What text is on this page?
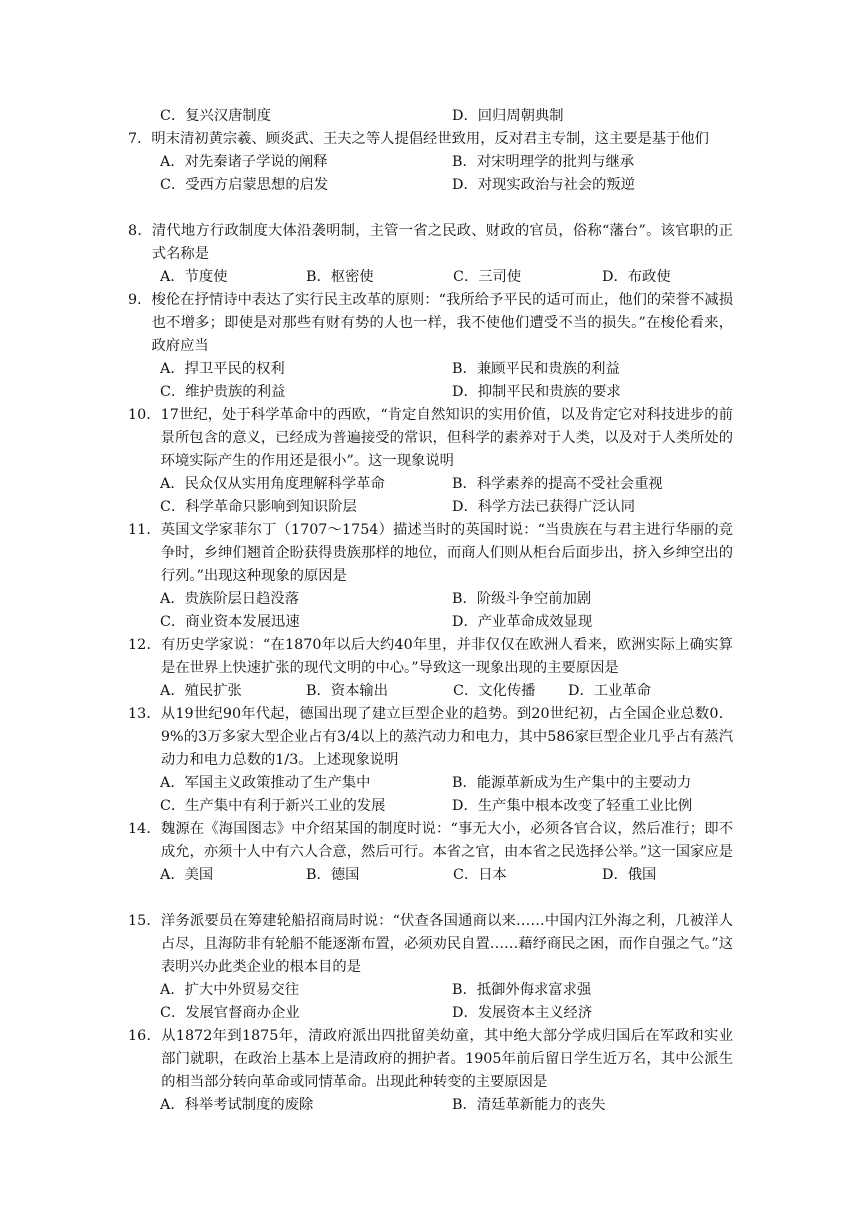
C．复兴汉唐制度	D．回归周朝典制
7．明末清初黄宗羲、顾炎武、王夫之等人提倡经世致用，反对君主专制，这主要是基于他们
A．对先秦诸子学说的阐释	B．对宋明理学的批判与继承
C．受西方启蒙思想的启发	D．对现实政治与社会的叛逆
8．清代地方行政制度大体沿袭明制，主管一省之民政、财政的官员，俗称“藩台”。该官职的正式名称是
A．节度使	B．枢密使	C．三司使	D．布政使
9．梭伦在抒情诗中表达了实行民主改革的原则：“我所给予平民的适可而止，他们的荣誉不减损也不增多；即使是对那些有财有势的人也一样，我不使他们遭受不当的损失。”在梭伦看来，政府应当
A．捍卫平民的权利	B．兼顾平民和贵族的利益
C．维护贵族的利益	D．抑制平民和贵族的要求
10．17世纪，处于科学革命中的西欧，“肯定自然知识的实用价值，以及肯定它对科技进步的前景所包含的意义，已经成为普遍接受的常识，但科学的素养对于人类，以及对于人类所处的环境实际产生的作用还是很小”。这一现象说明
A．民众仅从实用角度理解科学革命	B．科学素养的提高不受社会重视
C．科学革命只影响到知识阶层	D．科学方法已获得广泛认同
11．英国文学家菲尔丁（1707～1754）描述当时的英国时说：“当贵族在与君主进行华丽的竞争时，乡绅们翘首企盼获得贵族那样的地位，而商人们则从柜台后面步出，挤入乡绅空出的行列。”出现这种现象的原因是
A．贵族阶层日趋没落	B．阶级斗争空前加剧
C．商业资本发展迅速	D．产业革命成效显现
12．有历史学家说：“在1870年以后大约40年里，并非仅仅在欧洲人看来，欧洲实际上确实算是在世界上快速扩张的现代文明的中心。”导致这一现象出现的主要原因是
A．殖民扩张	B．资本输出	C．文化传播 D．工业革命
13．从19世纪90年代起，德国出现了建立巨型企业的趋势。到20世纪初，占全国企业总数0．9%的3万多家大型企业占有3/4以上的蒸汽动力和电力，其中586家巨型企业几乎占有蒸汽动力和电力总数的1/3。上述现象说明
A．军国主义政策推动了生产集中	B．能源革新成为生产集中的主要动力
C．生产集中有利于新兴工业的发展	D．生产集中根本改变了轻重工业比例
14．魏源在《海国图志》中介绍某国的制度时说：“事无大小，必须各官合议，然后准行；即不成允，亦须十人中有六人合意，然后可行。本省之官，由本省之民选择公举。”这一国家应是
A．美国	B．德国	C．日本	D．俄国
15．洋务派要员在筹建轮船招商局时说：“伏查各国通商以来……中国内江外海之利，几被洋人占尽，且海防非有轮船不能逐渐布置，必须劝民自置……藉纾商民之困，而作自强之气。”这表明兴办此类企业的根本目的是
A．扩大中外贸易交往	B．抵御外侮求富求强
C．发展官督商办企业	D．发展资本主义经济
16．从1872年到1875年，清政府派出四批留美幼童，其中绝大部分学成归国后在军政和实业部门就职，在政治上基本上是清政府的拥护者。1905年前后留日学生近万名，其中公派生的相当部分转向革命或同情革命。出现此种转变的主要原因是
A．科举考试制度的废除	B．清廷革新能力的丧失
